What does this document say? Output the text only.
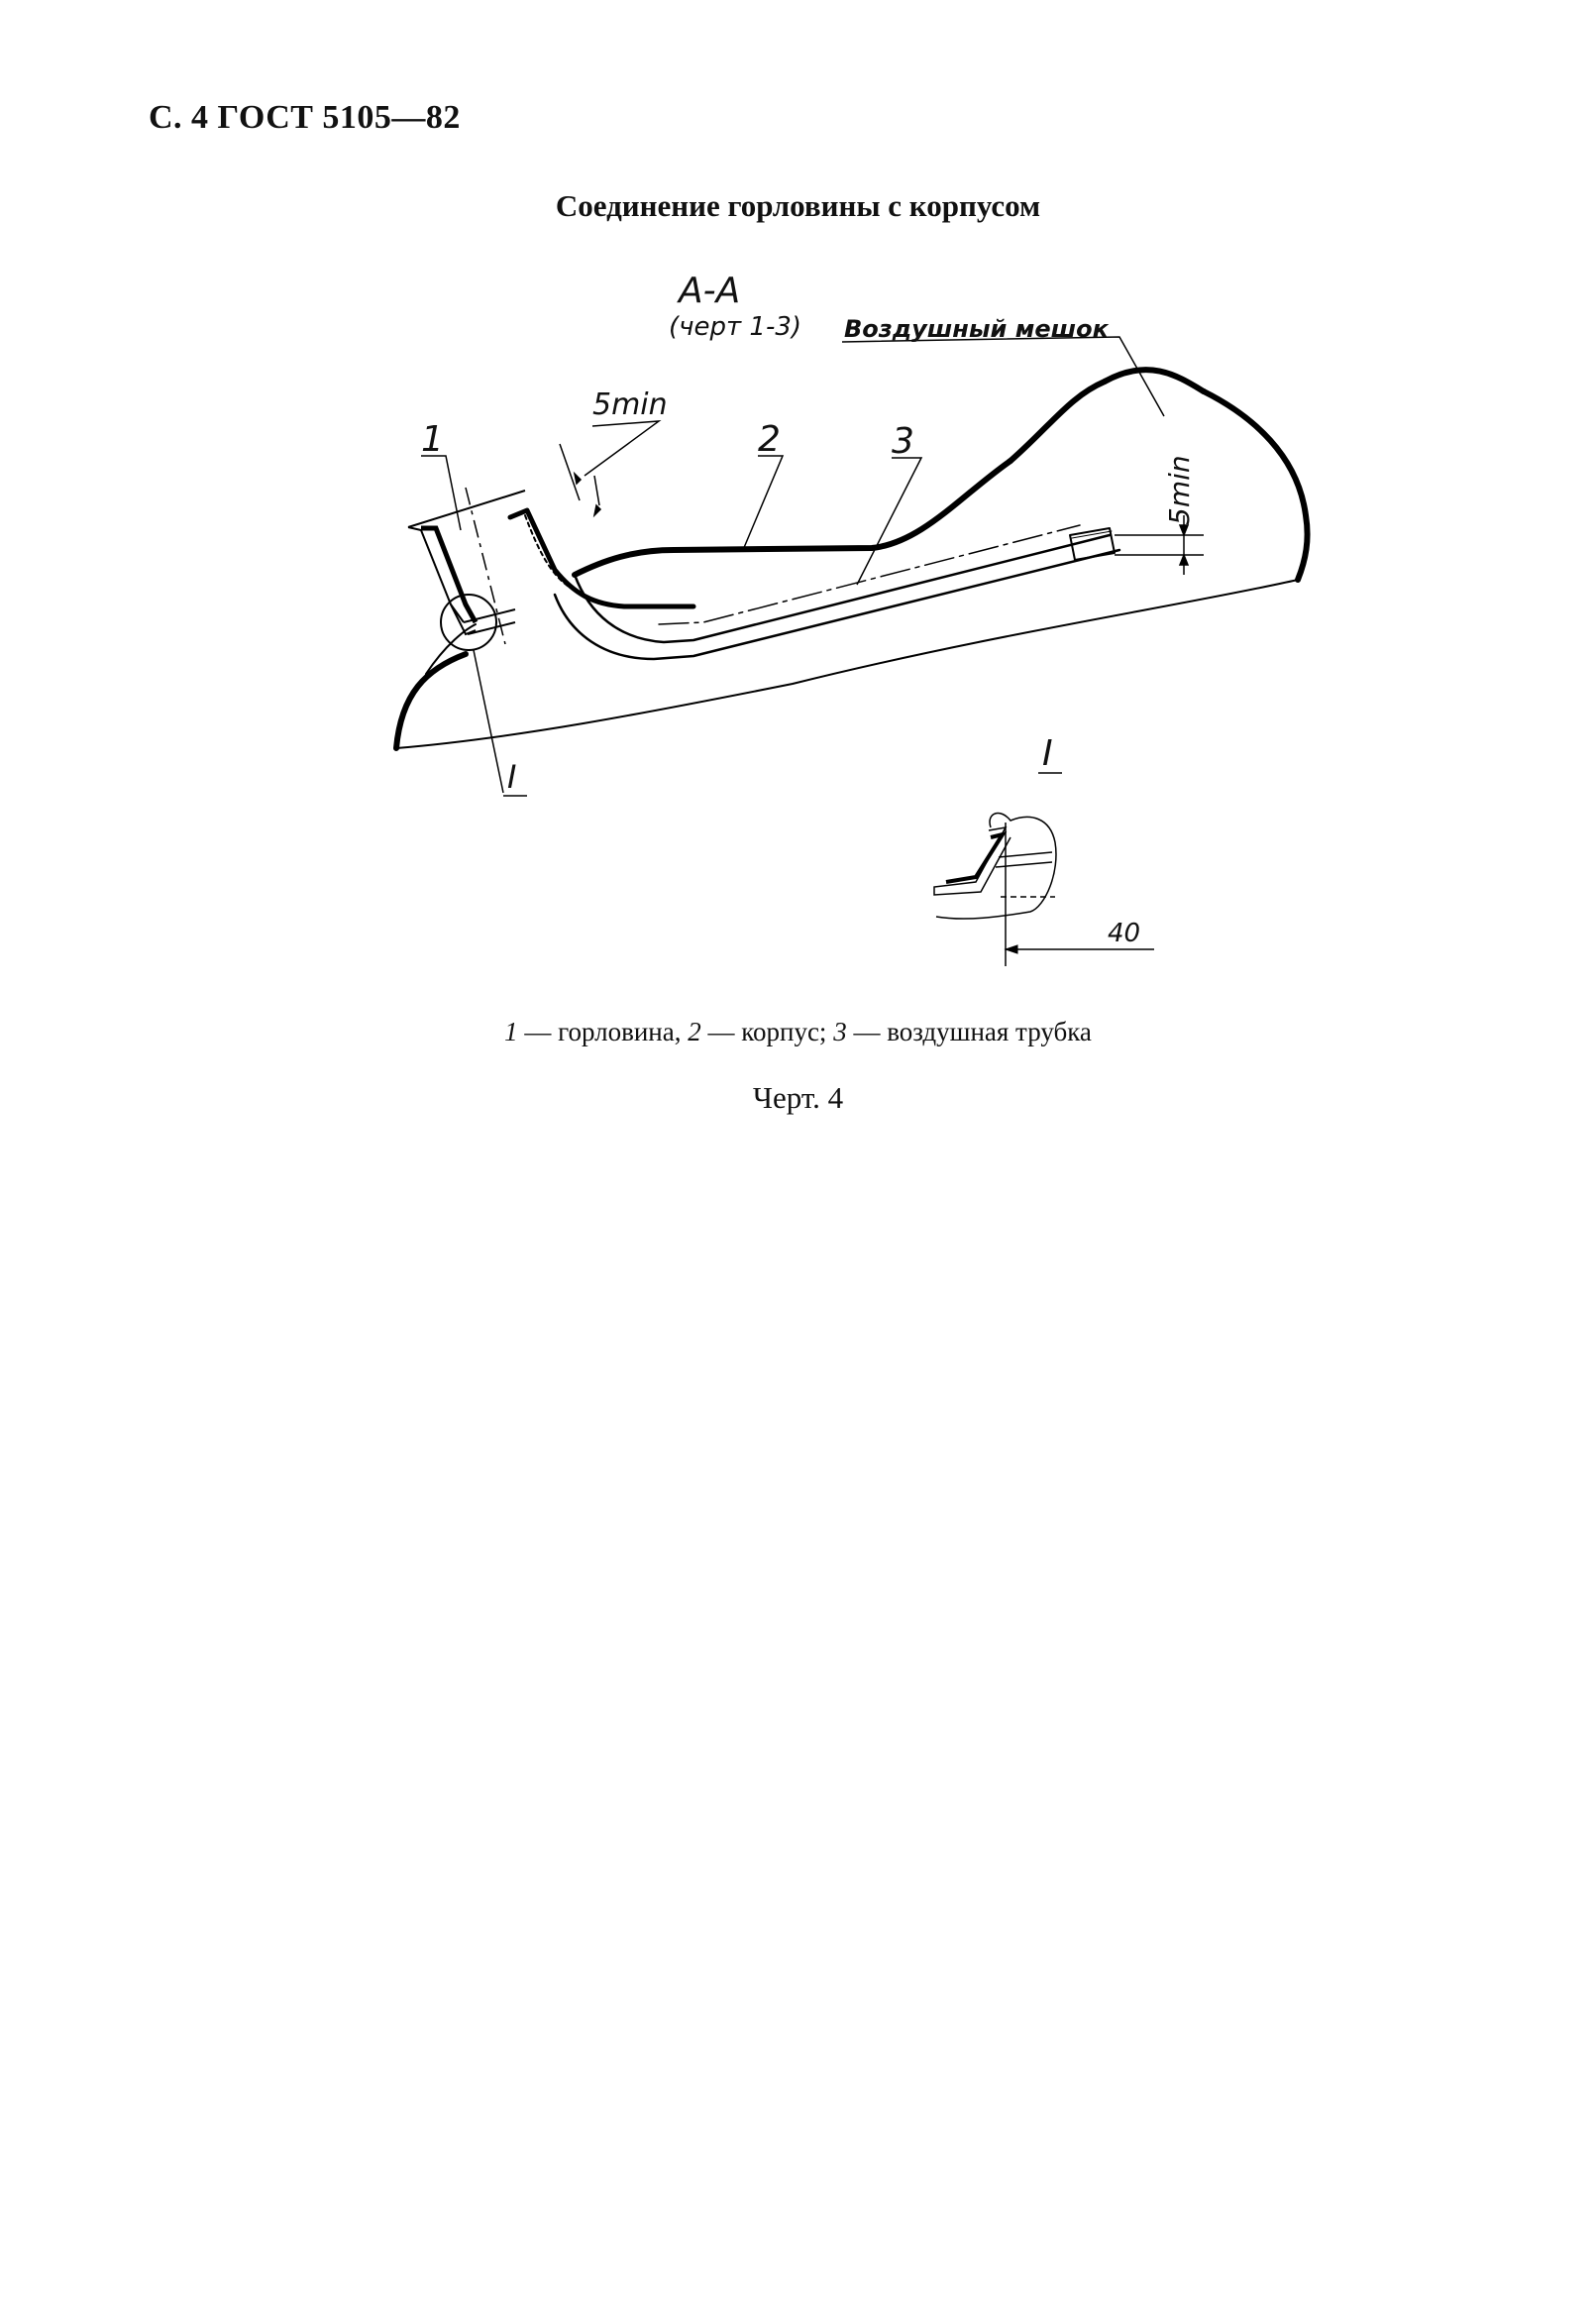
С. 4 ГОСТ 5105—82
Соединение горловины с корпусом
5min
5min
1	2	3
А-А
(черт 1-3) Воздушный мешок
I
I
40
1 — горловина, 2 — корпус; 3 — воздушная трубка
Черт. 4
